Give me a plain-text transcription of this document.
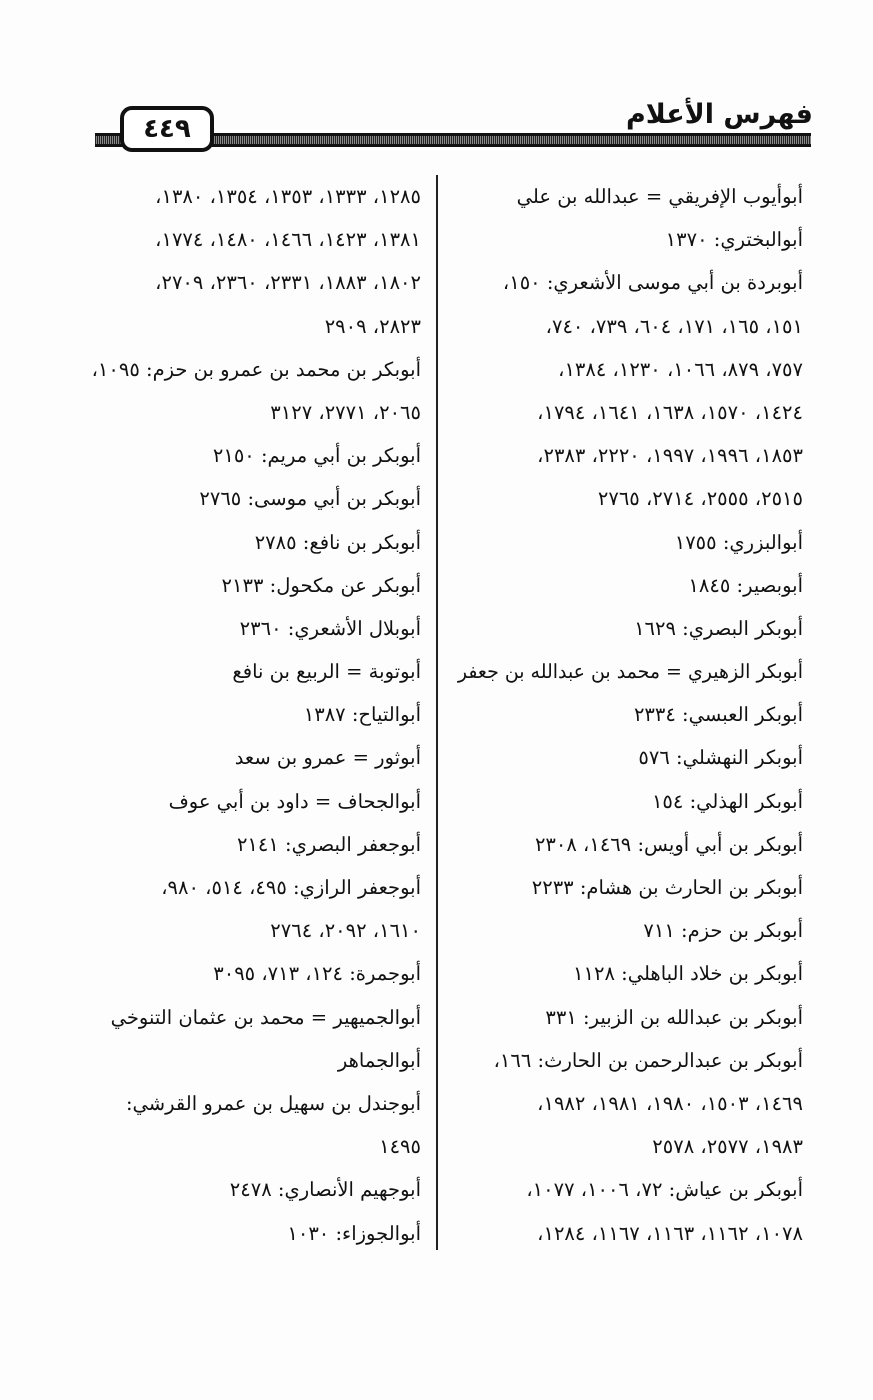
فهرس الأعلام
٤٤٩
أبوأيوب الإفريقي = عبدالله بن علي
أبوالبختري: ١٣٧٠
أبوبردة بن أبي موسى الأشعري: ١٥٠،
١٥١، ١٦٥، ١٧١، ٦٠٤، ٧٣٩، ٧٤٠،
٧٥٧، ٨٧٩، ١٠٦٦، ١٢٣٠، ١٣٨٤،
١٤٢٤، ١٥٧٠، ١٦٣٨، ١٦٤١، ١٧٩٤،
١٨٥٣، ١٩٩٦، ١٩٩٧، ٢٢٢٠، ٢٣٨٣،
٢٥١٥، ٢٥٥٥، ٢٧١٤، ٢٧٦٥
أبوالبزري: ١٧٥٥
أبوبصير: ١٨٤٥
أبوبكر البصري: ١٦٢٩
أبوبكر الزهيري = محمد بن عبدالله بن جعفر
أبوبكر العبسي: ٢٣٣٤
أبوبكر النهشلي: ٥٧٦
أبوبكر الهذلي: ١٥٤
أبوبكر بن أبي أويس: ١٤٦٩، ٢٣٠٨
أبوبكر بن الحارث بن هشام: ٢٢٣٣
أبوبكر بن حزم: ٧١١
أبوبكر بن خلاد الباهلي: ١١٢٨
أبوبكر بن عبدالله بن الزبير: ٣٣١
أبوبكر بن عبدالرحمن بن الحارث: ١٦٦،
١٤٦٩، ١٥٠٣، ١٩٨٠، ١٩٨١، ١٩٨٢،
١٩٨٣، ٢٥٧٧، ٢٥٧٨
أبوبكر بن عياش: ٧٢، ١٠٠٦، ١٠٧٧،
١٠٧٨، ١١٦٢، ١١٦٣، ١١٦٧، ١٢٨٤،
١٢٨٥، ١٣٣٣، ١٣٥٣، ١٣٥٤، ١٣٨٠،
١٣٨١، ١٤٢٣، ١٤٦٦، ١٤٨٠، ١٧٧٤،
١٨٠٢، ١٨٨٣، ٢٣٣١، ٢٣٦٠، ٢٧٠٩،
٢٨٢٣، ٢٩٠٩
أبوبكر بن محمد بن عمرو بن حزم: ١٠٩٥،
٢٠٦٥، ٢٧٧١، ٣١٢٧
أبوبكر بن أبي مريم: ٢١٥٠
أبوبكر بن أبي موسى: ٢٧٦٥
أبوبكر بن نافع: ٢٧٨٥
أبوبكر عن مكحول: ٢١٣٣
أبوبلال الأشعري: ٢٣٦٠
أبوتوبة = الربيع بن نافع
أبوالتياح: ١٣٨٧
أبوثور = عمرو بن سعد
أبوالجحاف = داود بن أبي عوف
أبوجعفر البصري: ٢١٤١
أبوجعفر الرازي: ٤٩٥، ٥١٤، ٩٨٠،
١٦١٠، ٢٠٩٢، ٢٧٦٤
أبوجمرة: ١٢٤، ٧١٣، ٣٠٩٥
أبوالجميهير = محمد بن عثمان التنوخي
أبوالجماهر
أبوجندل بن سهيل بن عمرو القرشي:
١٤٩٥
أبوجهيم الأنصاري: ٢٤٧٨
أبوالجوزاء: ١٠٣٠
